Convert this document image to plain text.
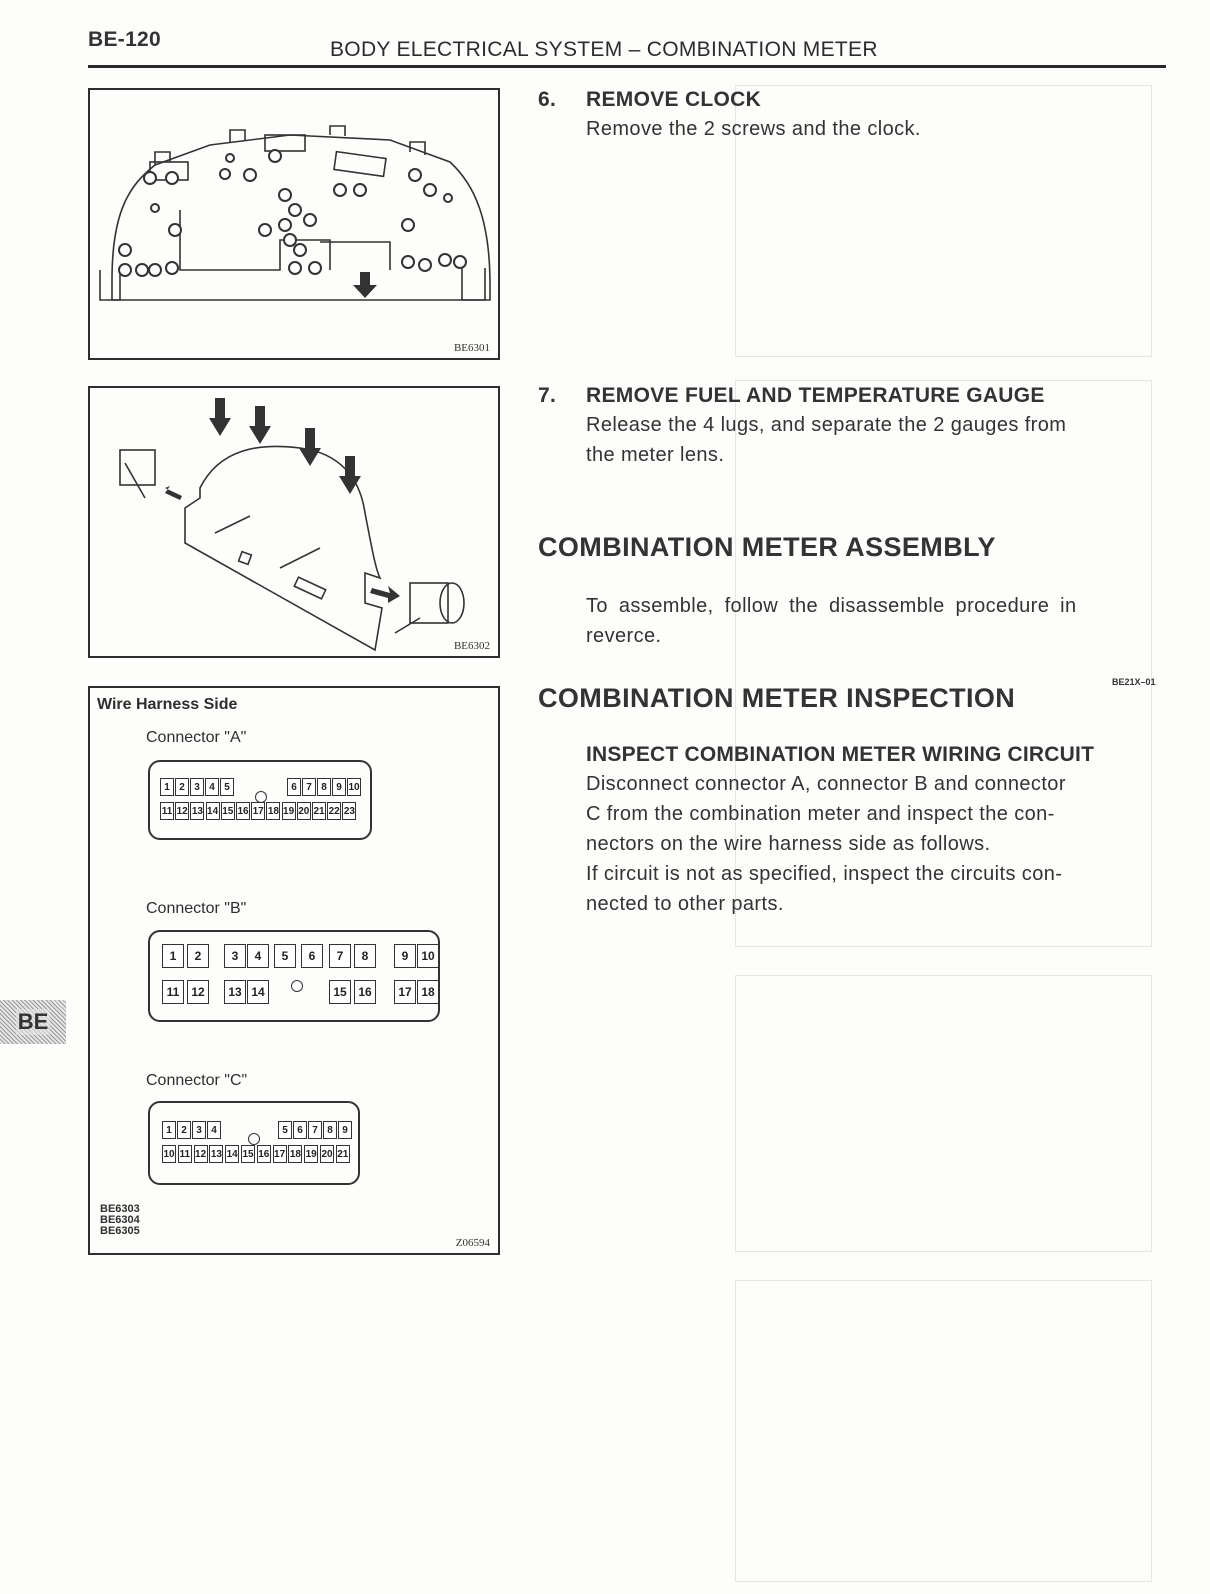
BE-120	BODY ELECTRICAL SYSTEM – COMBINATION METER
BE
BE6301
6. REMOVE CLOCK
Remove the 2 screws and the clock.
BE6302
7. REMOVE FUEL AND TEMPERATURE GAUGE
Release the 4 lugs, and separate the 2 gauges from
the meter lens.
COMBINATION METER ASSEMBLY
To assemble, follow the disassemble procedure in
reverce.
BE21X–01
COMBINATION METER INSPECTION
INSPECT COMBINATION METER WIRING CIRCUIT
Disconnect connector A, connector B and connector
C from the combination meter and inspect the con-
nectors on the wire harness side as follows.
If circuit is not as specified, inspect the circuits con-
nected to other parts.
Wire Harness Side
Connector "A"
1 2 3 4 5	6 7 8 9 10
11 12 13 14 15 16 17 18 19 20 21 22 23
Connector "B"
1	2	3	4	5	6	7	8	9	10
11 12	13 14	15 16	17 18
Connector "C"
1 2 3 4	5 6 7 8 9
10 11 12 13 14 15 16 17 18 19 20 21
BE6303
BE6304
BE6305
Z06594
